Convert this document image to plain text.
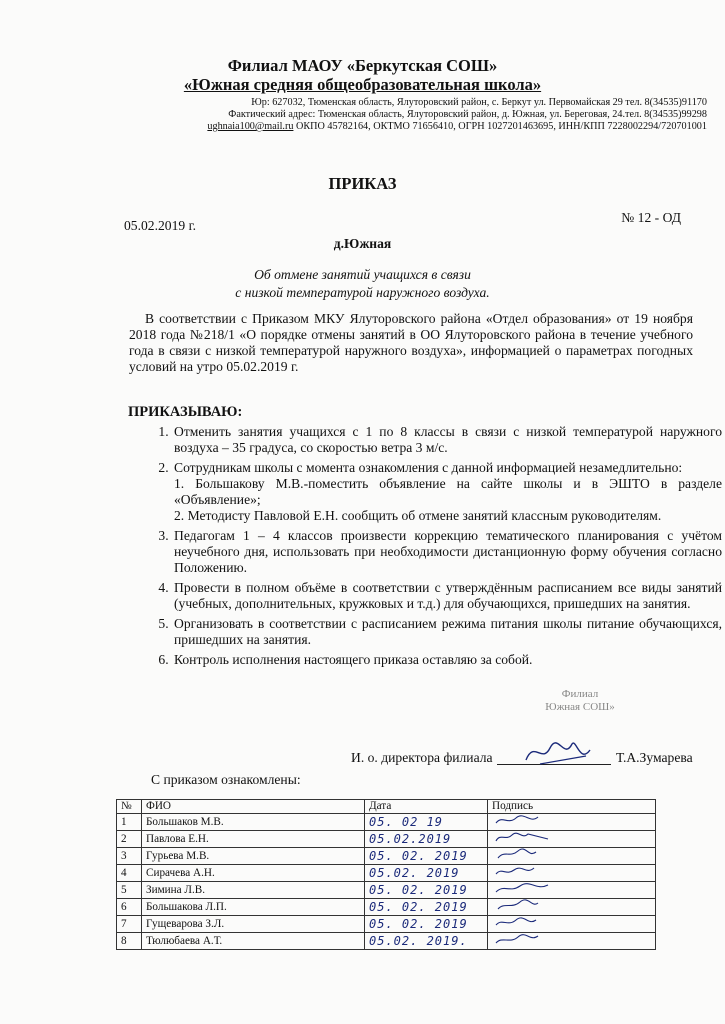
Филиал МАОУ «Беркутская СОШ»
«Южная средняя общеобразовательная школа»
Юр: 627032, Тюменская область, Ялуторовский район, с. Беркут ул. Первомайская 29 тел. 8(34535)91170
Фактический адрес: Тюменская область, Ялуторовский район, д. Южная, ул. Береговая, 24.тел. 8(34535)99298
ughnaia100@mail.ru ОКПО 45782164, ОКТМО 71656410, ОГРН 1027201463695, ИНН/КПП 7228002294/720701001
ПРИКАЗ
05.02.2019 г.
№ 12 - ОД
д.Южная
Об отмене занятий учащихся в связи
с низкой температурой наружного воздуха.
В соответствии с Приказом МКУ Ялуторовского района «Отдел образования» от 19 ноября 2018 года №218/1 «О порядке отмены занятий в ОО Ялуторовского района в течение учебного года в связи с низкой температурой наружного воздуха», информацией о параметрах погодных условий на утро 05.02.2019 г.
ПРИКАЗЫВАЮ:
1. Отменить занятия учащихся с 1 по 8 классы в связи с низкой температурой наружного воздуха – 35 градуса, со скоростью ветра 3 м/с.
2. Сотрудникам школы с момента ознакомления с данной информацией незамедлительно:
1. Большакову М.В.-поместить объявление на сайте школы и в ЭШТО в разделе «Объявление»;
2. Методисту Павловой Е.Н. сообщить об отмене занятий классным руководителям.
3. Педагогам 1 – 4 классов произвести коррекцию тематического планирования с учётом неучебного дня, использовать при необходимости дистанционную форму обучения согласно Положению.
4. Провести в полном объёме в соответствии с утверждённым расписанием все виды занятий (учебных, дополнительных, кружковых и т.д.) для обучающихся, пришедших на занятия.
5. Организовать в соответствии с расписанием режима питания школы питание обучающихся, пришедших на занятия.
6. Контроль исполнения настоящего приказа оставляю за собой.
Филиал
Южная СОШ»
И. о. директора филиала	Т.А.Зумарева
С приказом ознакомлены:
№	ФИО	Дата	Подпись
1	Большаков М.В.	05. 02 19	
2	Павлова Е.Н.	05.02.2019	
3	Гурьева М.В.	05. 02. 2019	
4	Сирачева А.Н.	05.02. 2019	
5	Зимина Л.В.	05. 02. 2019	
6	Большакова Л.П.	05. 02. 2019	
7	Гущеварова З.Л.	05. 02. 2019	
8	Тюлюбаева А.Т.	05.02. 2019.	
